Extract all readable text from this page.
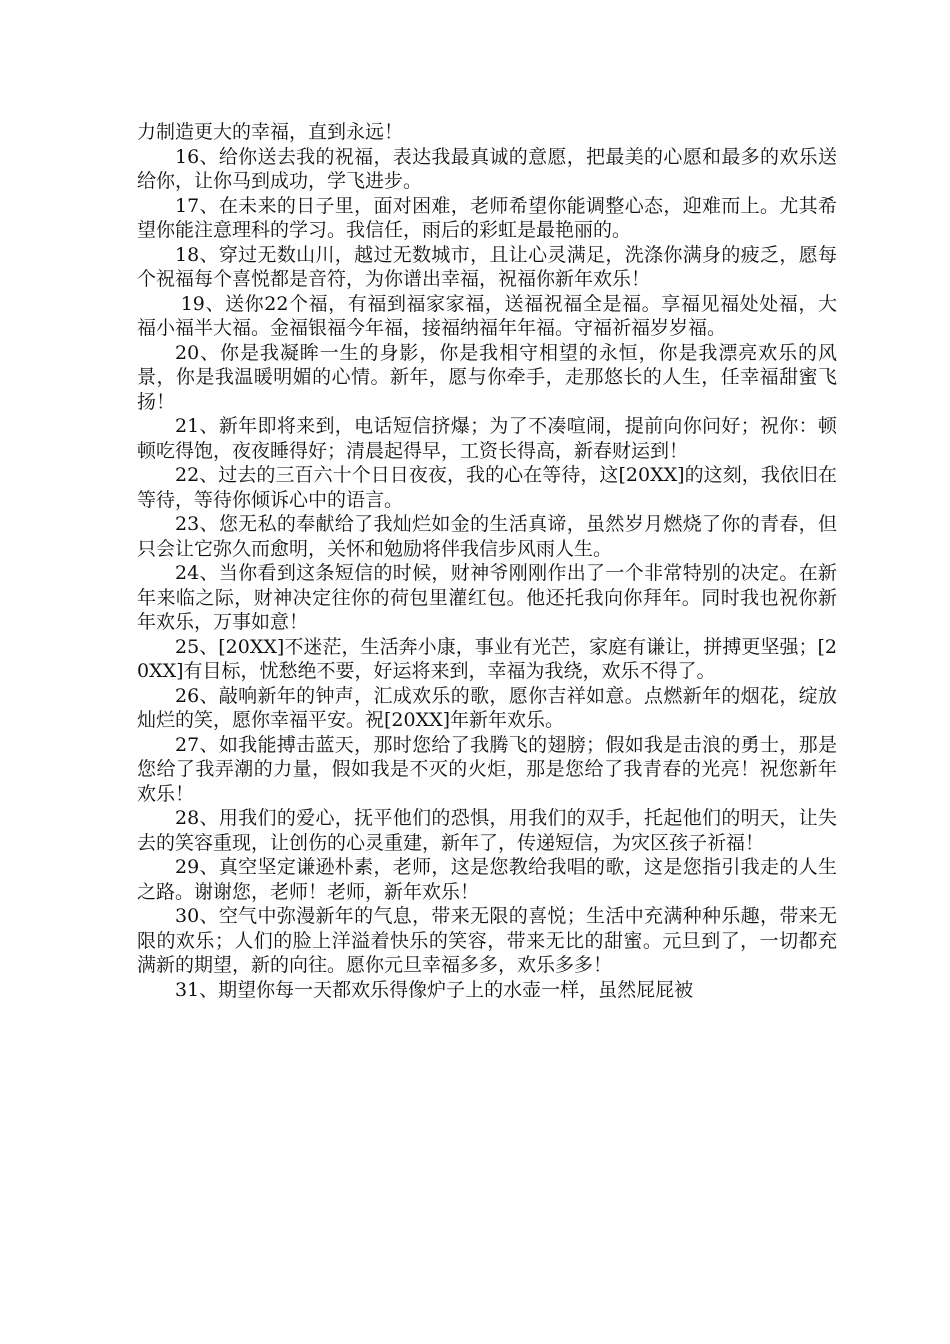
力制造更大的幸福，直到永远！

16、给你送去我的祝福，表达我最真诚的意愿，把最美的心愿和最多的欢乐送给你，让你马到成功，学飞进步。

17、在未来的日子里，面对困难，老师希望你能调整心态，迎难而上。尤其希望你能注意理科的学习。我信任，雨后的彩虹是最艳丽的。

18、穿过无数山川，越过无数城市，且让心灵满足，洗涤你满身的疲乏，愿每个祝福每个喜悦都是音符，为你谱出幸福，祝福你新年欢乐！

19、送你22个福，有福到福家家福，送福祝福全是福。享福见福处处福，大福小福半大福。金福银福今年福，接福纳福年年福。守福祈福岁岁福。

20、你是我凝眸一生的身影，你是我相守相望的永恒，你是我漂亮欢乐的风景，你是我温暖明媚的心情。新年，愿与你牵手，走那悠长的人生，任幸福甜蜜飞扬！

21、新年即将来到，电话短信挤爆；为了不凑喧闹，提前向你问好；祝你：顿顿吃得饱，夜夜睡得好；清晨起得早，工资长得高，新春财运到！

22、过去的三百六十个日日夜夜，我的心在等待，这[20XX]的这刻，我依旧在等待，等待你倾诉心中的语言。

23、您无私的奉献给了我灿烂如金的生活真谛，虽然岁月燃烧了你的青春，但只会让它弥久而愈明，关怀和勉励将伴我信步风雨人生。

24、当你看到这条短信的时候，财神爷刚刚作出了一个非常特别的决定。在新年来临之际，财神决定往你的荷包里灌红包。他还托我向你拜年。同时我也祝你新年欢乐，万事如意！

25、[20XX]不迷茫，生活奔小康，事业有光芒，家庭有谦让，拼搏更坚强；[20XX]有目标，忧愁绝不要，好运将来到，幸福为我绕，欢乐不得了。

26、敲响新年的钟声，汇成欢乐的歌，愿你吉祥如意。点燃新年的烟花，绽放灿烂的笑，愿你幸福平安。祝[20XX]年新年欢乐。

27、如我能搏击蓝天，那时您给了我腾飞的翅膀；假如我是击浪的勇士，那是您给了我弄潮的力量，假如我是不灭的火炬，那是您给了我青春的光亮！祝您新年欢乐！

28、用我们的爱心，抚平他们的恐惧，用我们的双手，托起他们的明天，让失去的笑容重现，让创伤的心灵重建，新年了，传递短信，为灾区孩子祈福！

29、真空坚定谦逊朴素，老师，这是您教给我唱的歌，这是您指引我走的人生之路。谢谢您，老师！老师，新年欢乐！

30、空气中弥漫新年的气息，带来无限的喜悦；生活中充满种种乐趣，带来无限的欢乐；人们的脸上洋溢着快乐的笑容，带来无比的甜蜜。元旦到了，一切都充满新的期望，新的向往。愿你元旦幸福多多，欢乐多多！

31、期望你每一天都欢乐得像炉子上的水壶一样，虽然屁屁被
